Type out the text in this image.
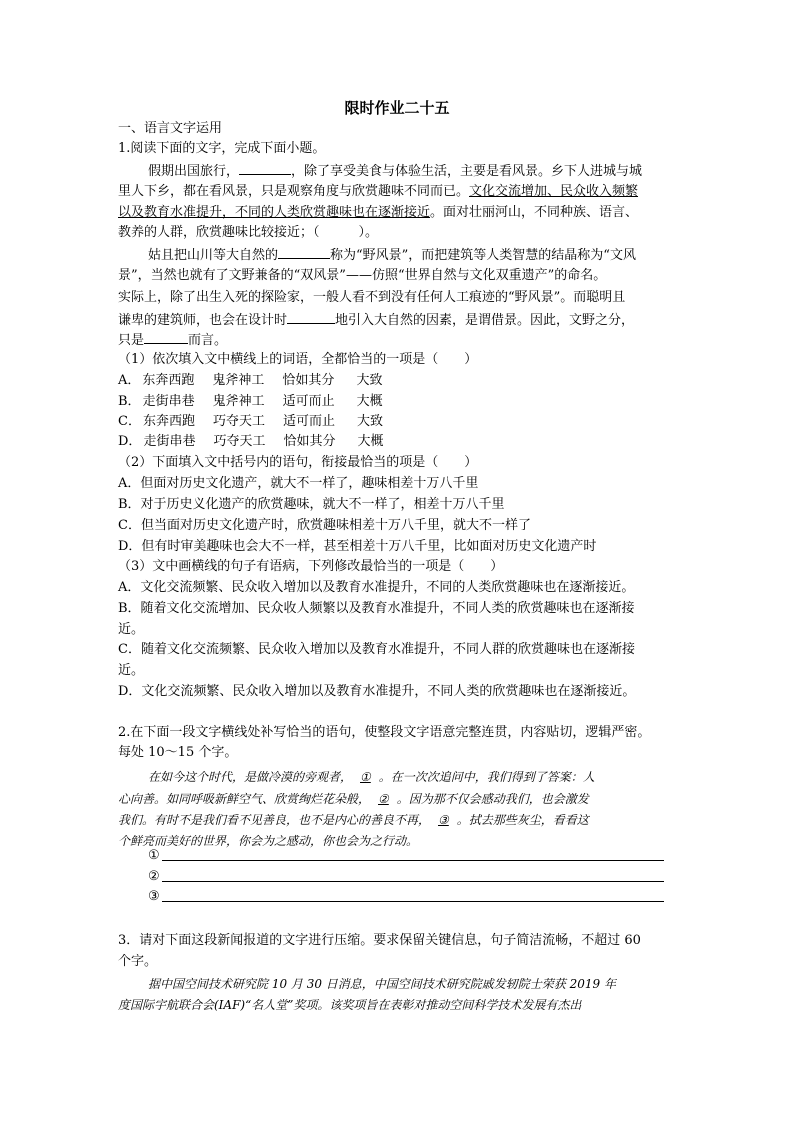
限时作业二十五
一、语言文字运用
1.阅读下面的文字，完成下面小题。
假期出国旅行，	，除了享受美食与体验生活，主要是看风景。乡下人进城与城
里人下乡，都在看风景，只是观察角度与欣赏趣味不同而已。文化交流增加、民众收入频繁
以及教育水准提升，不同的人类欣赏趣味也在逐渐接近。面对壮丽河山，不同种族、语言、
教养的人群，欣赏趣味比较接近；（　　　）。
姑且把山川等大自然的	称为“野风景”，而把建筑等人类智慧的结晶称为“文风
景”，当然也就有了文野兼备的“双风景”——仿照“世界自然与文化双重遗产”的命名。
实际上，除了出生入死的探险家，一般人看不到没有任何人工痕迹的“野风景”。而聪明且
谦卑的建筑师，也会在设计时	地引入大自然的因素，是谓借景。因此，文野之分，
只是	而言。
（1）依次填入文中横线上的词语，全都恰当的一项是（　　）
A． 东奔西跑 鬼斧神工 恰如其分 大致
B． 走街串巷 鬼斧神工 适可而止 大概
C． 东奔西跑 巧夺天工 适可而止 大致
D． 走街串巷 巧夺天工 恰如其分 大概
（2）下面填入文中括号内的语句，衔接最恰当的项是（　　）
A．但面对历史文化遗产，就大不一样了，趣味相差十万八千里
B．对于历史义化遗产的欣赏趣味，就大不一样了，相差十万八千里
C．但当面对历史文化遗产时，欣赏趣味相差十万八千里，就大不一样了
D．但有时审美趣味也会大不一样，甚至相差十万八千里，比如面对历史文化遗产时
（3）文中画横线的句子有语病，下列修改最恰当的一项是（　　）
A．文化交流频繁、民众收入增加以及教育水准提升，不同的人类欣赏趣味也在逐渐接近。
B．随着文化交流增加、民众收人频繁以及教育水准提升，不同人类的欣赏趣味也在逐渐接
近。
C．随着文化交流频繁、民众收入增加以及教育水准提升，不同人群的欣赏趣味也在逐渐接
近。
D．文化交流频繁、民众收入增加以及教育水准提升，不同人类的欣赏趣味也在逐渐接近。
2.在下面一段文字横线处补写恰当的语句，使整段文字语意完整连贯，内容贴切，逻辑严密。
每处 10～15 个字。
在如今这个时代，是做冷漠的旁观者， ① 。在一次次追问中，我们得到了答案：人
心向善。如同呼吸新鲜空气、欣赏绚烂花朵般， ② 。因为那不仅会感动我们，也会激发
我们。有时不是我们看不见善良，也不是内心的善良不再， ③ 。拭去那些灰尘，看看这
个鲜亮而美好的世界，你会为之感动，你也会为之行动。
①
②
③
3．请对下面这段新闻报道的文字进行压缩。要求保留关键信息，句子简洁流畅，不超过 60
个字。
据中国空间技术研究院 10 月 30 日消息，中国空间技术研究院戚发轫院士荣获 2019 年
度国际宇航联合会(IAF)“名人堂”奖项。该奖项旨在表彰对推动空间科学技术发展有杰出
